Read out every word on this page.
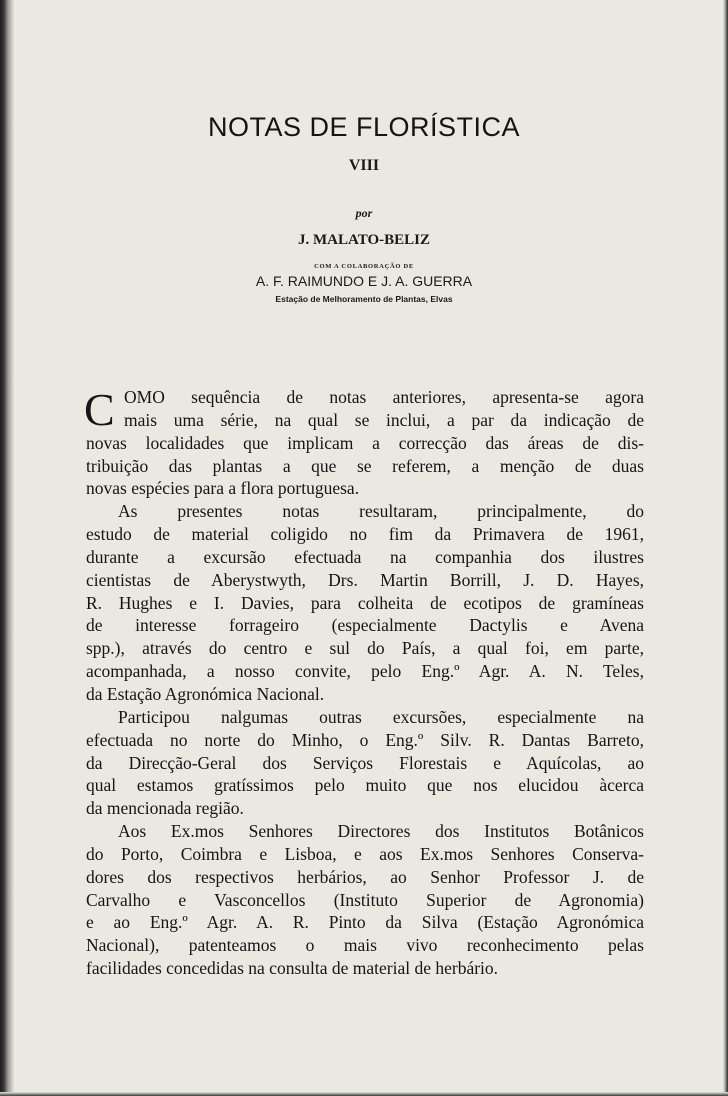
NOTAS DE FLORÍSTICA
VIII
por
J. MALATO-BELIZ
COM A COLABORAÇÃO DE
A. F. RAIMUNDO E J. A. GUERRA
Estação de Melhoramento de Plantas, Elvas
C OMO sequência de notas anteriores, apresenta-se agora
mais uma série, na qual se inclui, a par da indicação de
novas localidades que implicam a correcção das áreas de dis-
tribuição das plantas a que se referem, a menção de duas
novas espécies para a flora portuguesa.
As presentes notas resultaram, principalmente, do
estudo de material coligido no fim da Primavera de 1961,
durante a excursão efectuada na companhia dos ilustres
cientistas de Aberystwyth, Drs. Martin Borrill, J. D. Hayes,
R. Hughes e I. Davies, para colheita de ecotipos de gramíneas
de interesse forrageiro (especialmente Dactylis e Avena
spp.), através do centro e sul do País, a qual foi, em parte,
acompanhada, a nosso convite, pelo Eng.º Agr. A. N. Teles,
da Estação Agronómica Nacional.
Participou nalgumas outras excursões, especialmente na
efectuada no norte do Minho, o Eng.º Silv. R. Dantas Barreto,
da Direcção-Geral dos Serviços Florestais e Aquícolas, ao
qual estamos gratíssimos pelo muito que nos elucidou àcerca
da mencionada região.
Aos Ex.mos Senhores Directores dos Institutos Botânicos
do Porto, Coimbra e Lisboa, e aos Ex.mos Senhores Conserva-
dores dos respectivos herbários, ao Senhor Professor J. de
Carvalho e Vasconcellos (Instituto Superior de Agronomia)
e ao Eng.º Agr. A. R. Pinto da Silva (Estação Agronómica
Nacional), patenteamos o mais vivo reconhecimento pelas
facilidades concedidas na consulta de material de herbário.
